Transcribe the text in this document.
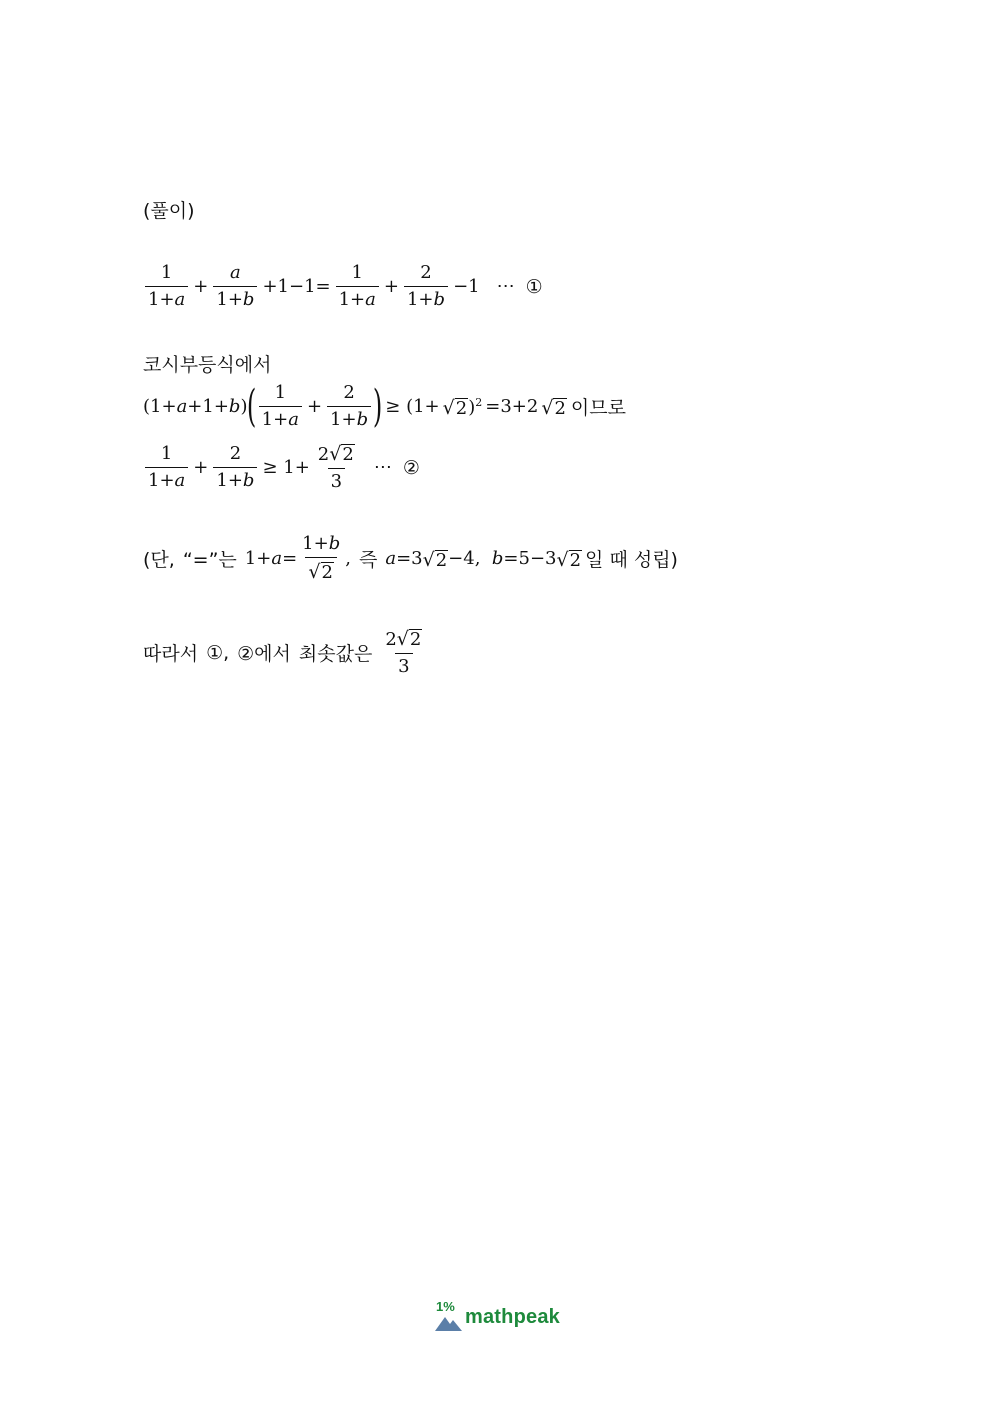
(풀이)
$\frac{1}{1+a} + \frac{a}{1+b} +1-1= \frac{1}{1+a} + \frac{2}{1+b} -1$ ⋯ ①
코시부등식에서
(1+a+1+b) ( $\frac{1}{1+a} + \frac{2}{1+b}$ ) ≥ (1+ √ 2 )$^2$ =3+2 √ 2 이므로
$\frac{1}{1+a} + \frac{2}{1+b} \ge 1+ \frac{2 √ 2}{3}$ ⋯ ②
(단, “=”는 $1+a= \frac{1+b}{√ 2}$ , 즉 a=3 √ 2 −4,  b=5−3 √ 2 일 때 성립)
따라서 ①, ②에서 최솟값은 $\frac{2 √ 2}{3}$
1% mathpeak
